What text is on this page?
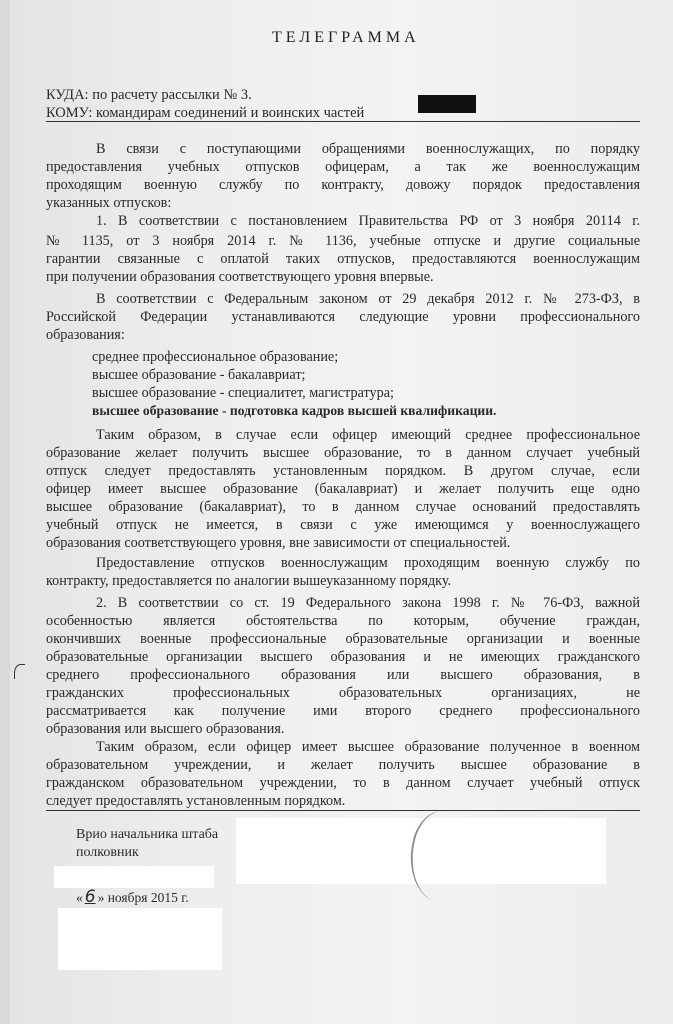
ТЕЛЕГРАММА
КУДА: по расчету рассылки № 3.
КОМУ: командирам соединений и воинских частей
В связи с поступающими обращениями военнослужащих, по порядку
предоставления учебных отпусков офицерам, а так же военнослужащим
проходящим военную службу по контракту, довожу порядок предоставления
указанных отпусков:
1. В соответствии с постановлением Правительства РФ от 3 ноября 20114 г.
№ 1135, от 3 ноября 2014 г. № 1136, учебные отпуске и другие социальные
гарантии связанные с оплатой таких отпусков, предоставляются военнослужащим
при получении образования соответствующего уровня впервые.
В соответствии с Федеральным законом от 29 декабря 2012 г. № 273-ФЗ, в
Российской Федерации устанавливаются следующие уровни профессионального
образования:
среднее профессиональное образование;
высшее образование - бакалавриат;
высшее образование - специалитет, магистратура;
высшее образование - подготовка кадров высшей квалификации.
Таким образом, в случае если офицер имеющий среднее профессиональное
образование желает получить высшее образование, то в данном случает учебный
отпуск следует предоставлять установленным порядком. В другом случае, если
офицер имеет высшее образование (бакалавриат) и желает получить еще одно
высшее образование (бакалавриат), то в данном случае оснований предоставлять
учебный отпуск не имеется, в связи с уже имеющимся у военнослужащего
образования соответствующего уровня, вне зависимости от специальностей.
Предоставление отпусков военнослужащим проходящим военную службу по
контракту, предоставляется по аналогии вышеуказанному порядку.
2. В соответствии со ст. 19 Федерального закона 1998 г. № 76-ФЗ, важной
особенностью является обстоятельства по которым, обучение граждан,
окончивших военные профессиональные образовательные организации и военные
образовательные организации высшего образования и не имеющих гражданского
среднего профессионального образования или высшего образования, в
гражданских профессиональных образовательных организациях, не
рассматривается как получение ими второго среднего профессионального
образования или высшего образования.
Таким образом, если офицер имеет высшее образование полученное в военном
образовательном учреждении, и желает получить высшее образование в
гражданском образовательном учреждении, то в данном случает учебный отпуск
следует предоставлять установленным порядком.
Врио начальника штаба
полковник
« 6 » ноября 2015 г.
